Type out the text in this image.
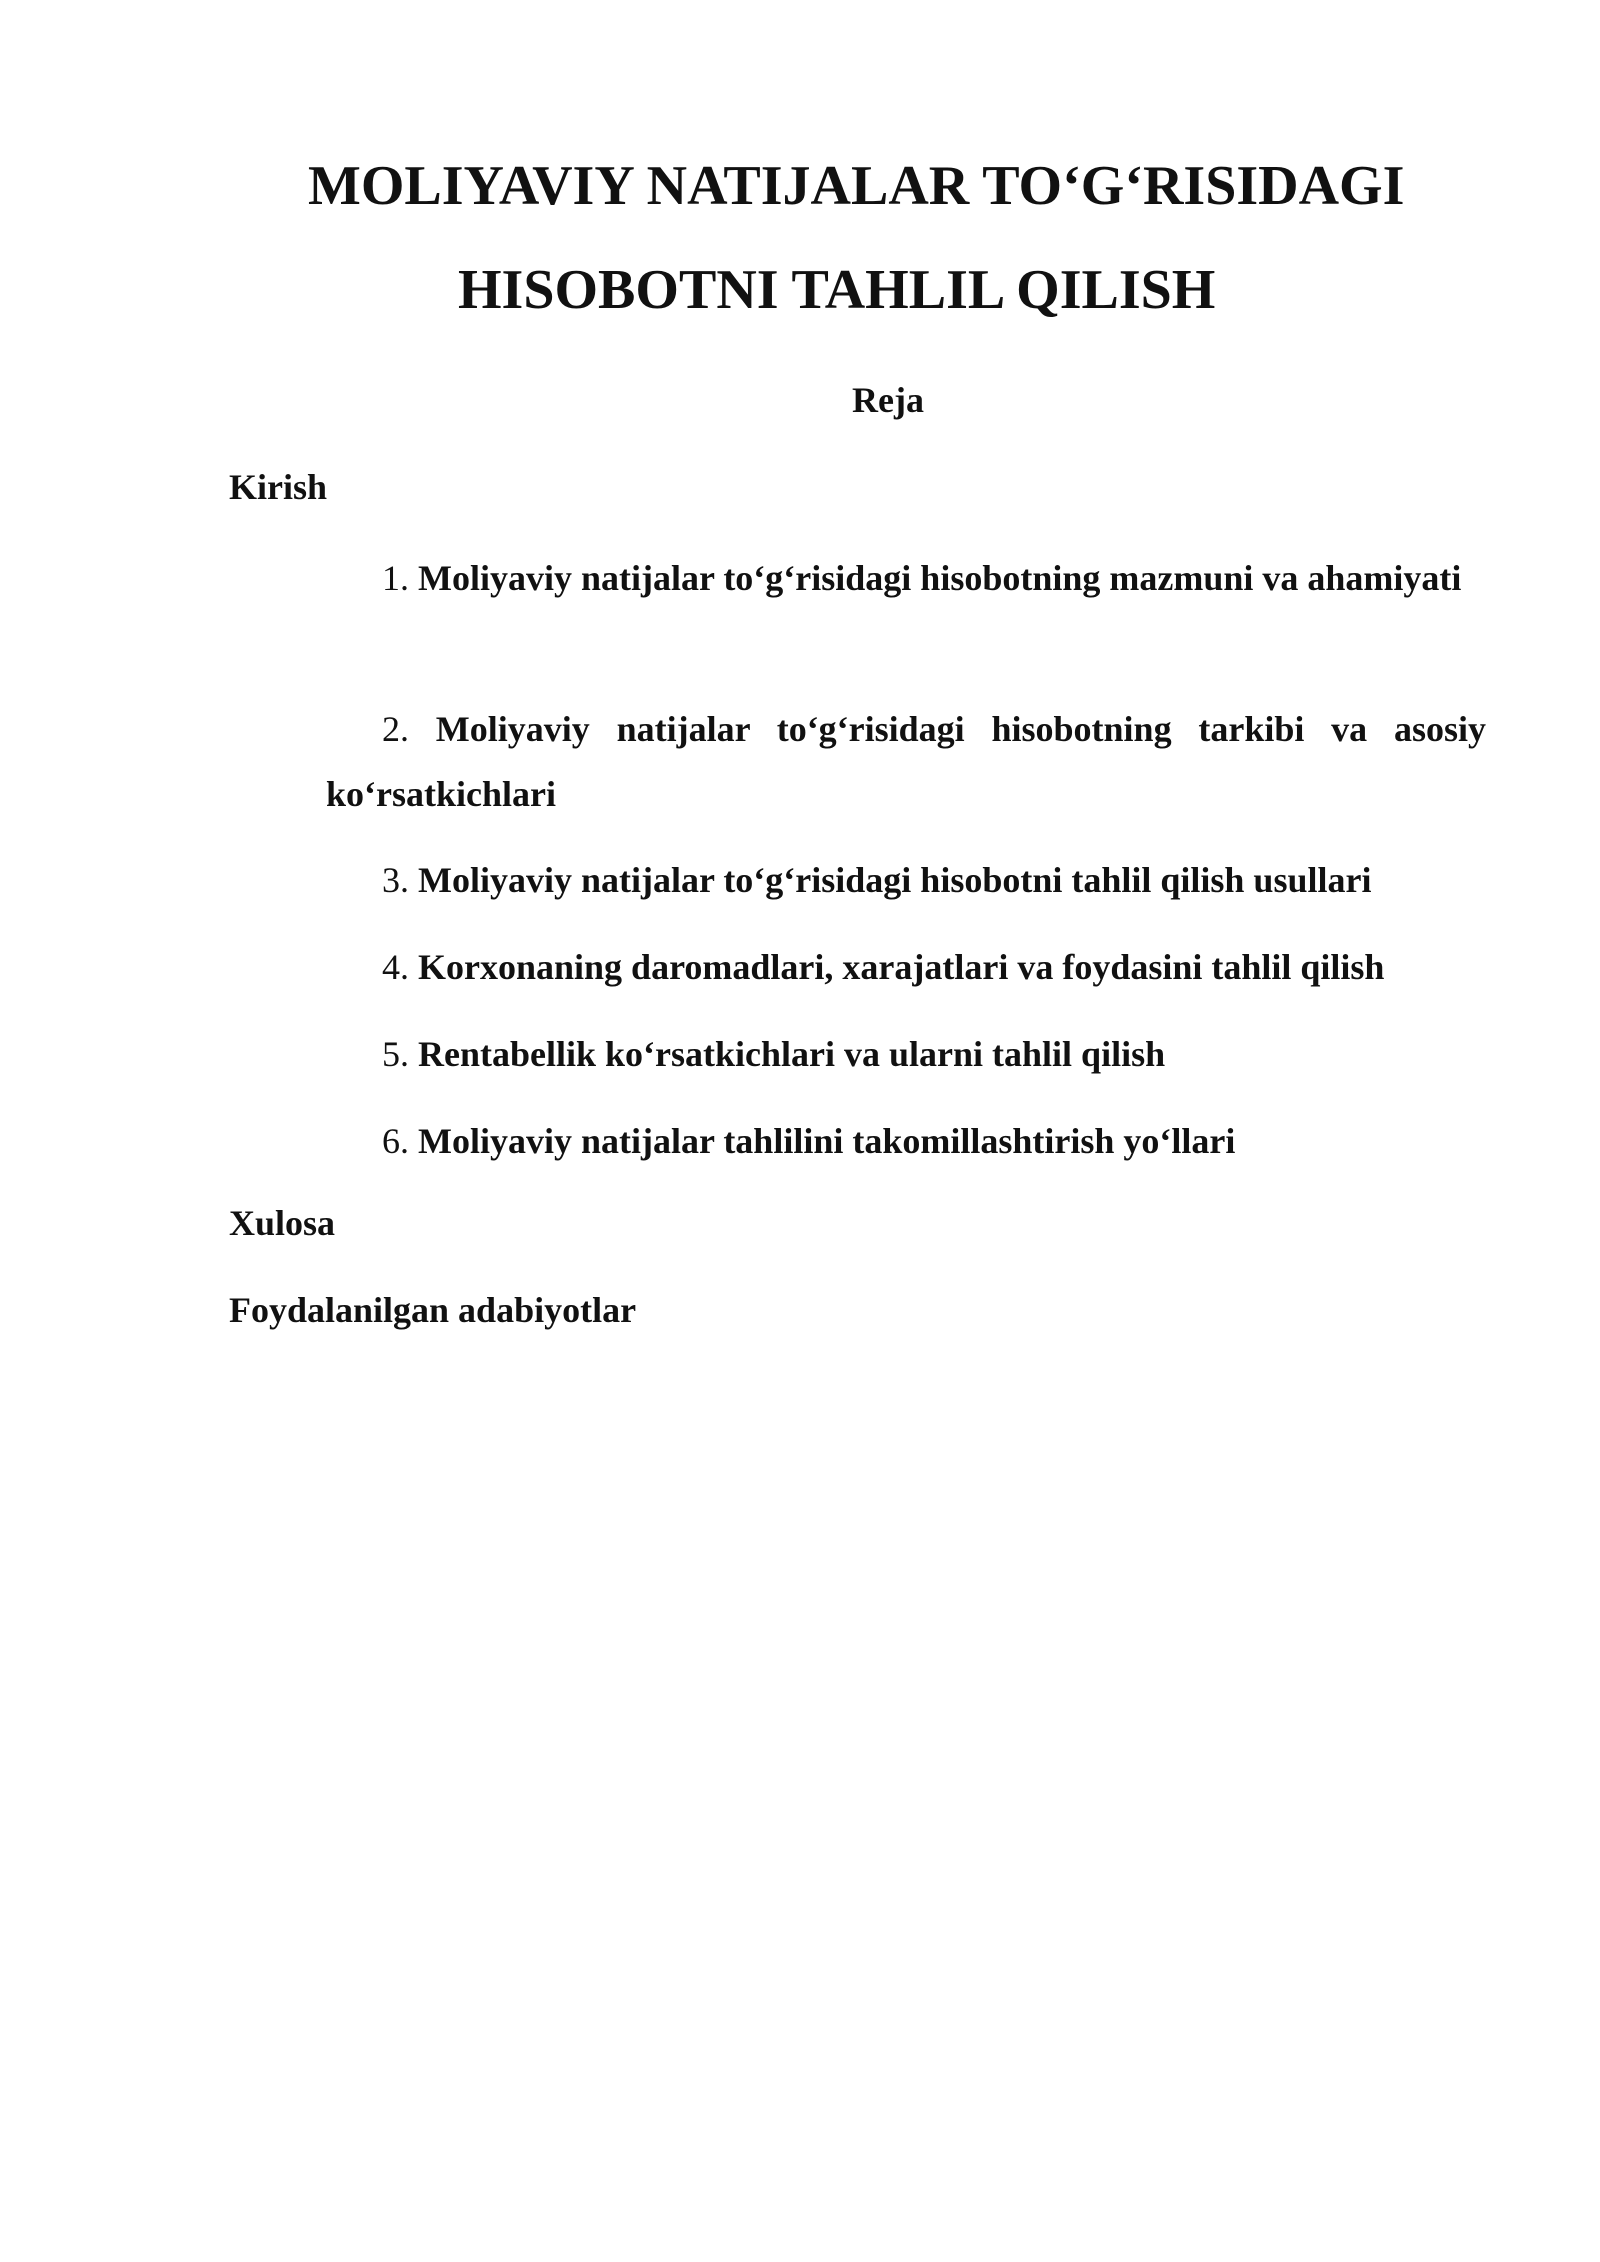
MOLIYAVIY NATIJALAR TO‘G‘RISIDAGI
HISOBOTNI TAHLIL QILISH
Reja
Kirish
1. Moliyaviy natijalar to‘g‘risidagi hisobotning mazmuni va ahamiyati
2. Moliyaviy natijalar to‘g‘risidagi hisobotning tarkibi va asosiy ko‘rsatkichlari
3. Moliyaviy natijalar to‘g‘risidagi hisobotni tahlil qilish usullari
4. Korxonaning daromadlari, xarajatlari va foydasini tahlil qilish
5. Rentabellik ko‘rsatkichlari va ularni tahlil qilish
6. Moliyaviy natijalar tahlilini takomillashtirish yo‘llari
Xulosa
Foydalanilgan adabiyotlar
